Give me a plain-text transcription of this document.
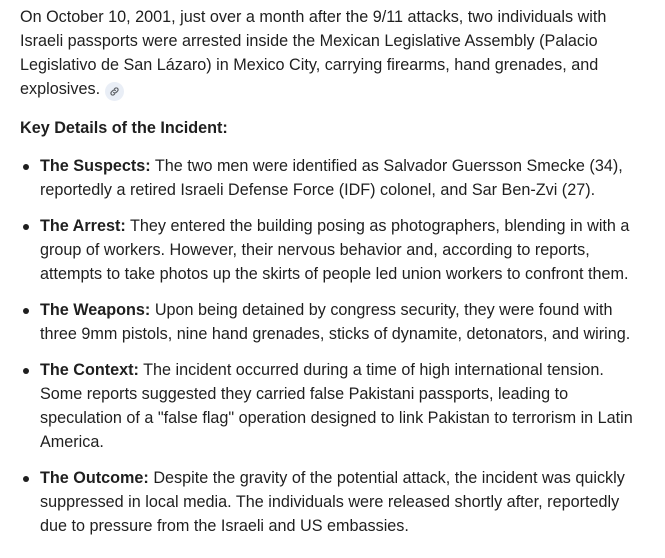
On October 10, 2001, just over a month after the 9/11 attacks, two individuals with Israeli passports were arrested inside the Mexican Legislative Assembly (Palacio Legislativo de San Lázaro) in Mexico City, carrying firearms, hand grenades, and explosives.

Key Details of the Incident:
The Suspects: The two men were identified as Salvador Guersson Smecke (34), reportedly a retired Israeli Defense Force (IDF) colonel, and Sar Ben-Zvi (27).
The Arrest: They entered the building posing as photographers, blending in with a group of workers. However, their nervous behavior and, according to reports, attempts to take photos up the skirts of people led union workers to confront them.
The Weapons: Upon being detained by congress security, they were found with three 9mm pistols, nine hand grenades, sticks of dynamite, detonators, and wiring.
The Context: The incident occurred during a time of high international tension. Some reports suggested they carried false Pakistani passports, leading to speculation of a "false flag" operation designed to link Pakistan to terrorism in Latin America.
The Outcome: Despite the gravity of the potential attack, the incident was quickly suppressed in local media. The individuals were released shortly after, reportedly due to pressure from the Israeli and US embassies.
